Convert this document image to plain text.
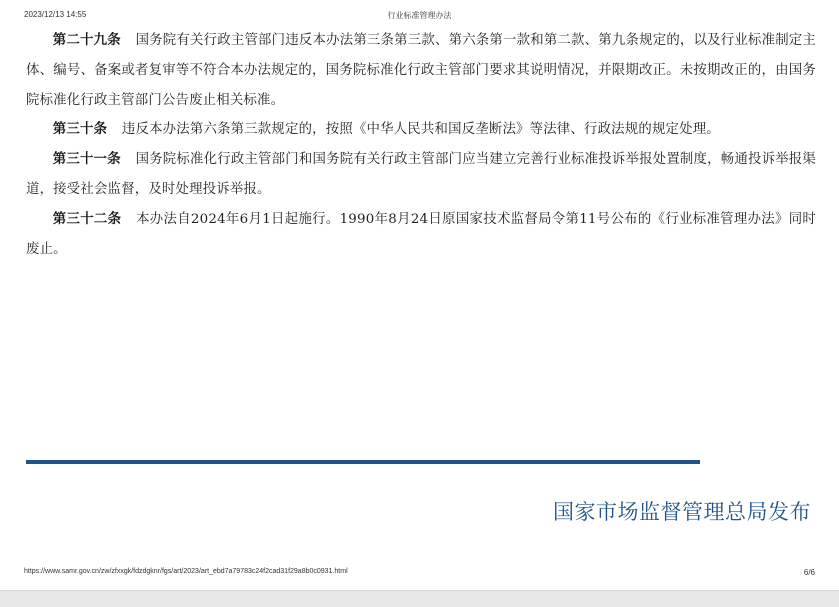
2023/12/13 14:55	行业标准管理办法

第二十九条 国务院有关行政主管部门违反本办法第三条第三款、第六条第一款和第二款、第九条规定的，以及行业标准制定主体、编号、备案或者复审等不符合本办法规定的，国务院标准化行政主管部门要求其说明情况，并限期改正。未按期改正的，由国务院标准化行政主管部门公告废止相关标准。

第三十条 违反本办法第六条第三款规定的，按照《中华人民共和国反垄断法》等法律、行政法规的规定处理。

第三十一条 国务院标准化行政主管部门和国务院有关行政主管部门应当建立完善行业标准投诉举报处置制度，畅通投诉举报渠道，接受社会监督，及时处理投诉举报。

第三十二条 本办法自2024年6月1日起施行。1990年8月24日原国家技术监督局令第11号公布的《行业标准管理办法》同时废止。

国家市场监督管理总局发布
https://www.samr.gov.cn/zw/zfxxgk/fdzdgknr/fgs/art/2023/art_ebd7a79783c24f2cad31f29a8b0c0931.html	6/6
